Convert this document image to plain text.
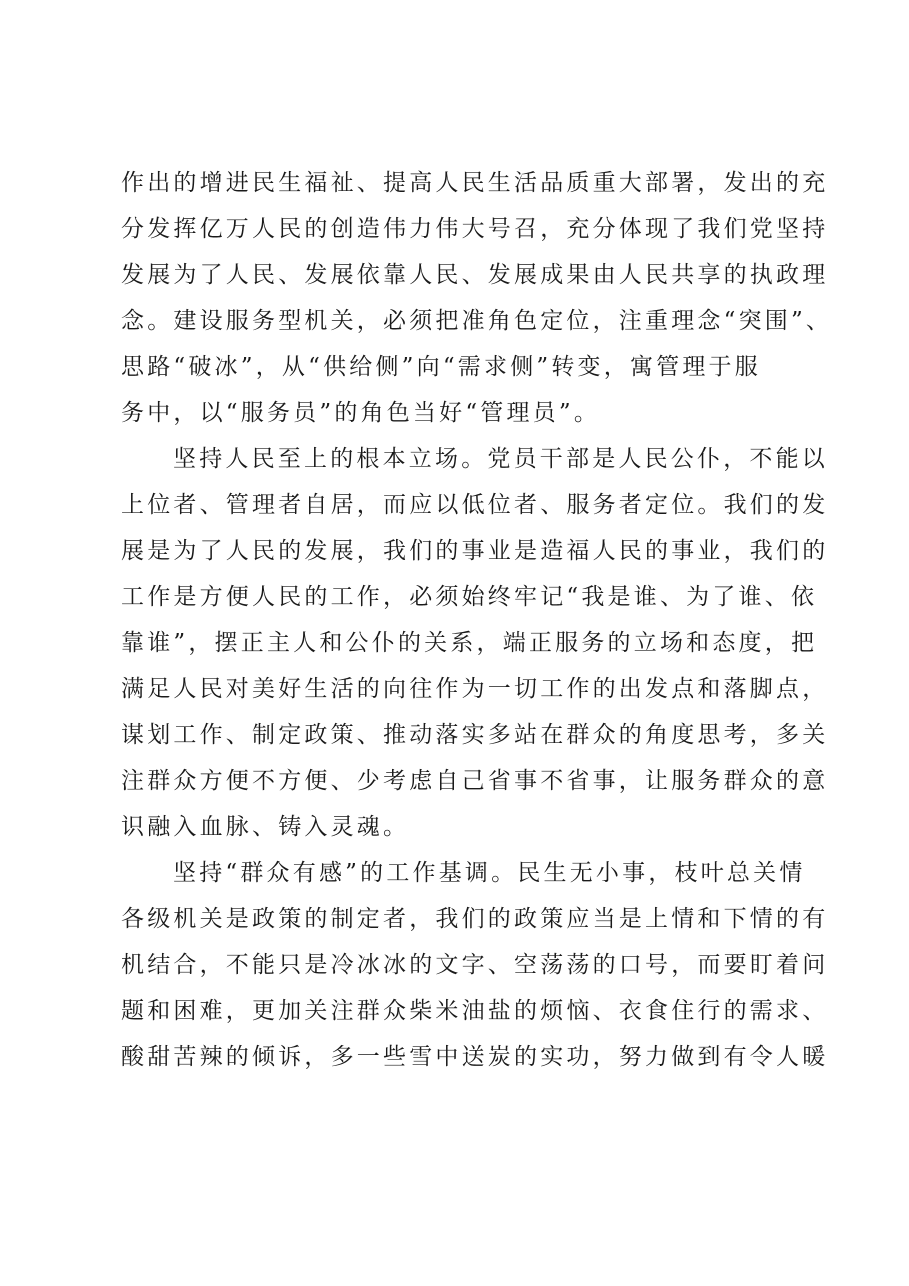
作出的增进民生福祉、提高人民生活品质重大部署，发出的充
分发挥亿万人民的创造伟力伟大号召，充分体现了我们党坚持
发展为了人民、发展依靠人民、发展成果由人民共享的执政理
念。建设服务型机关，必须把准角色定位，注重理念“突围”、
思路“破冰”，从“供给侧”向“需求侧”转变，寓管理于服
务中，以“服务员”的角色当好“管理员”。
坚持人民至上的根本立场。党员干部是人民公仆，不能以
上位者、管理者自居，而应以低位者、服务者定位。我们的发
展是为了人民的发展，我们的事业是造福人民的事业，我们的
工作是方便人民的工作，必须始终牢记“我是谁、为了谁、依
靠谁”，摆正主人和公仆的关系，端正服务的立场和态度，把
满足人民对美好生活的向往作为一切工作的出发点和落脚点，
谋划工作、制定政策、推动落实多站在群众的角度思考，多关
注群众方便不方便、少考虑自己省事不省事，让服务群众的意
识融入血脉、铸入灵魂。
坚持“群众有感”的工作基调。民生无小事，枝叶总关情
各级机关是政策的制定者，我们的政策应当是上情和下情的有
机结合，不能只是冷冰冰的文字、空荡荡的口号，而要盯着问
题和困难，更加关注群众柴米油盐的烦恼、衣食住行的需求、
酸甜苦辣的倾诉，多一些雪中送炭的实功，努力做到有令人暖
